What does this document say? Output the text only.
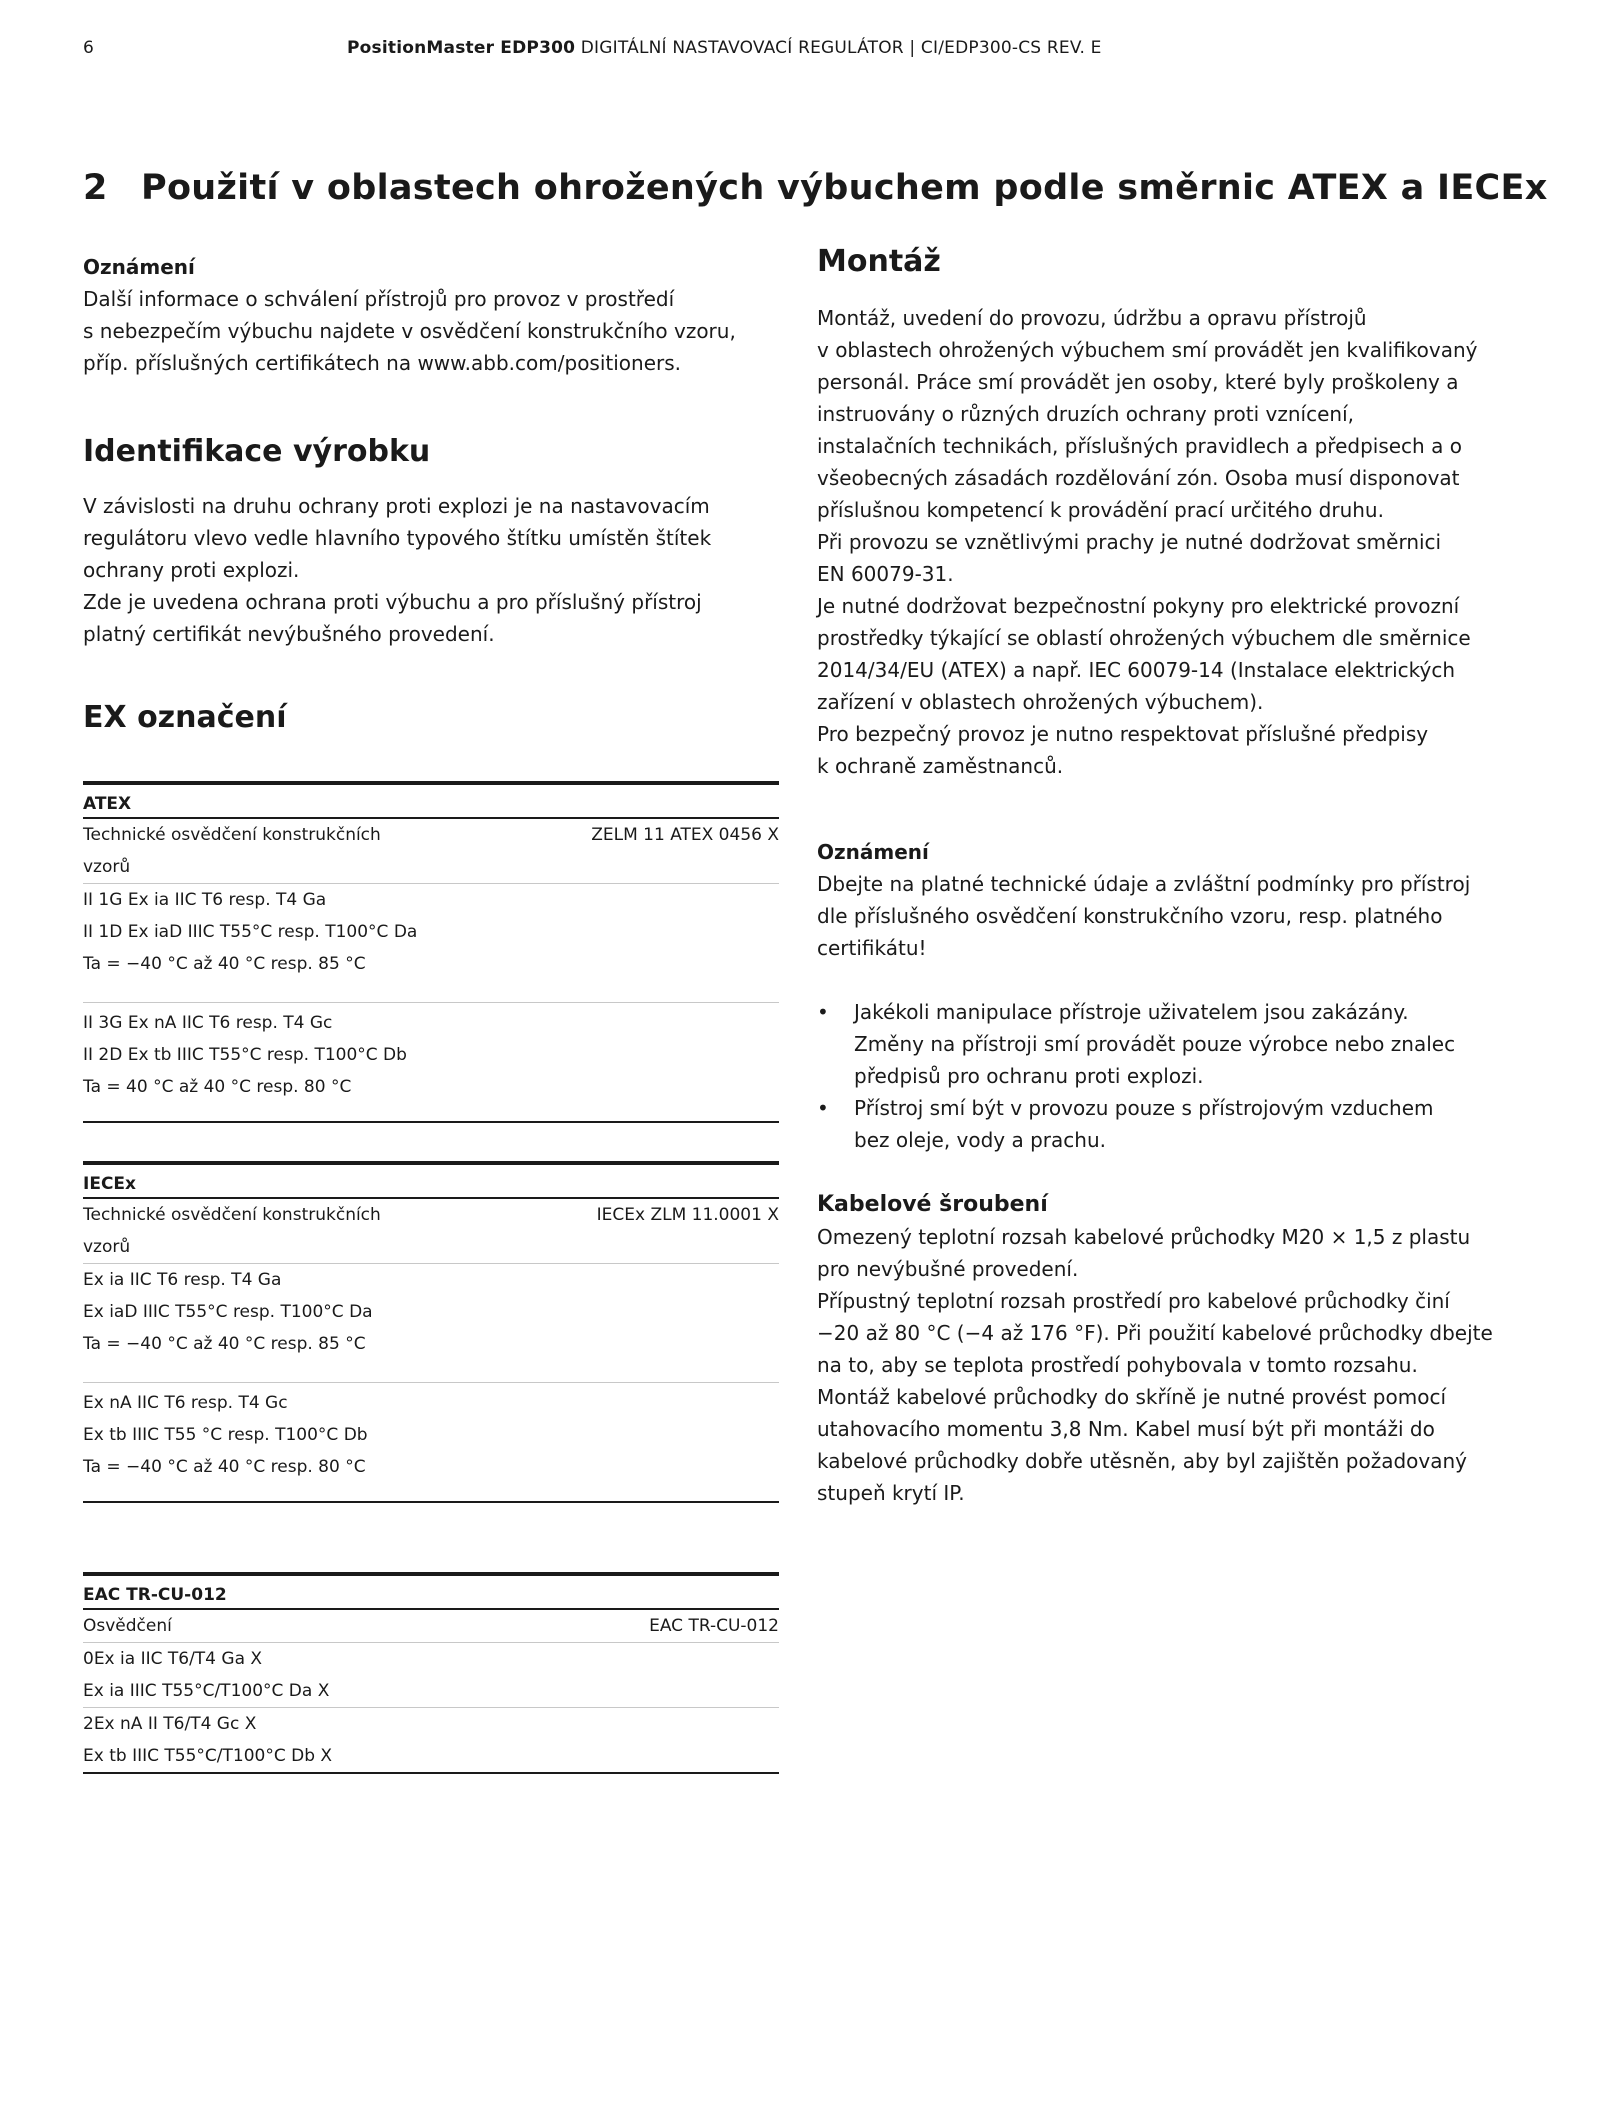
6	PositionMaster EDP300 DIGITÁLNÍ NASTAVOVACÍ REGULÁTOR | CI/EDP300-CS REV. E
2 Použití v oblastech ohrožených výbuchem podle směrnic ATEX a IECEx
Oznámení

Další informace o schválení přístrojů pro provoz v prostředí
s nebezpečím výbuchu najdete v osvědčení konstrukčního vzoru,
příp. příslušných certifikátech na www.abb.com/positioners.

Identifikace výrobku

V závislosti na druhu ochrany proti explozi je na nastavovacím
regulátoru vlevo vedle hlavního typového štítku umístěn štítek
ochrany proti explozi.
Zde je uvedena ochrana proti výbuchu a pro příslušný přístroj
platný certifikát nevýbušného provedení.

EX označení

ATEX
Technické osvědčení konstrukčních
vzorů	ZELM 11 ATEX 0456 X
II 1G Ex ia IIC T6 resp. T4 Ga
II 1D Ex iaD IIIC T55°C resp. T100°C Da
Ta = −40 °C až 40 °C resp. 85 °C
II 3G Ex nA IIC T6 resp. T4 Gc
II 2D Ex tb IIIC T55°C resp. T100°C Db
Ta = 40 °C až 40 °C resp. 80 °C

IECEx
Technické osvědčení konstrukčních
vzorů	IECEx ZLM 11.0001 X
Ex ia IIC T6 resp. T4 Ga
Ex iaD IIIC T55°C resp. T100°C Da
Ta = −40 °C až 40 °C resp. 85 °C
Ex nA IIC T6 resp. T4 Gc
Ex tb IIIC T55 °C resp. T100°C Db
Ta = −40 °C až 40 °C resp. 80 °C

EAC TR-CU-012
Osvědčení	EAC TR-CU-012
0Ex ia IIC T6/T4 Ga X
Ex ia IIIC T55°C/T100°C Da X
2Ex nA II T6/T4 Gc X
Ex tb IIIC T55°C/T100°C Db X
Montáž

Montáž, uvedení do provozu, údržbu a opravu přístrojů
v oblastech ohrožených výbuchem smí provádět jen kvalifikovaný
personál. Práce smí provádět jen osoby, které byly proškoleny a
instruovány o různých druzích ochrany proti vznícení,
instalačních technikách, příslušných pravidlech a předpisech a o
všeobecných zásadách rozdělování zón. Osoba musí disponovat
příslušnou kompetencí k provádění prací určitého druhu.
Při provozu se vznětlivými prachy je nutné dodržovat směrnici
EN 60079-31.
Je nutné dodržovat bezpečnostní pokyny pro elektrické provozní
prostředky týkající se oblastí ohrožených výbuchem dle směrnice
2014/34/EU (ATEX) a např. IEC 60079-14 (Instalace elektrických
zařízení v oblastech ohrožených výbuchem).
Pro bezpečný provoz je nutno respektovat příslušné předpisy
k ochraně zaměstnanců.

Oznámení

Dbejte na platné technické údaje a zvláštní podmínky pro přístroj
dle příslušného osvědčení konstrukčního vzoru, resp. platného
certifikátu!

• Jakékoli manipulace přístroje uživatelem jsou zakázány.
Změny na přístroji smí provádět pouze výrobce nebo znalec
předpisů pro ochranu proti explozi.
• Přístroj smí být v provozu pouze s přístrojovým vzduchem
bez oleje, vody a prachu.
Kabelové šroubení

Omezený teplotní rozsah kabelové průchodky M20 × 1,5 z plastu
pro nevýbušné provedení.
Přípustný teplotní rozsah prostředí pro kabelové průchodky činí
−20 až 80 °C (−4 až 176 °F). Při použití kabelové průchodky dbejte
na to, aby se teplota prostředí pohybovala v tomto rozsahu.
Montáž kabelové průchodky do skříně je nutné provést pomocí
utahovacího momentu 3,8 Nm. Kabel musí být při montáži do
kabelové průchodky dobře utěsněn, aby byl zajištěn požadovaný
stupeň krytí IP.
